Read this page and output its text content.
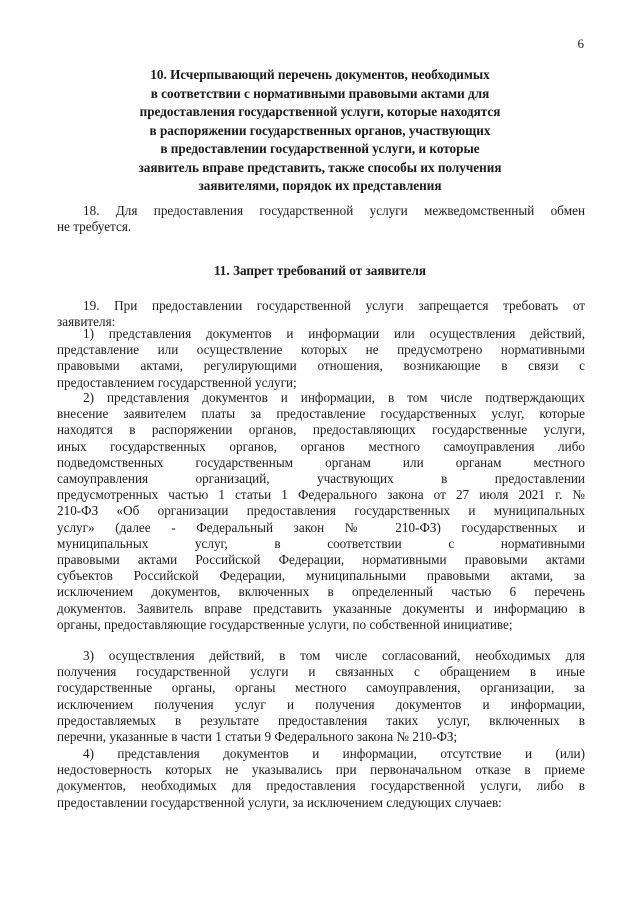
6
10. Исчерпывающий перечень документов, необходимых
в соответствии с нормативными правовыми актами для
предоставления государственной услуги, которые находятся
в распоряжении государственных органов, участвующих
в предоставлении государственной услуги, и которые
заявитель вправе представить, также способы их получения
заявителями, порядок их представления
18. Для предоставления государственной услуги межведомственный обмен
не требуется.
11. Запрет требований от заявителя
19. При предоставлении государственной услуги запрещается требовать от
заявителя:
1) представления документов и информации или осуществления действий,
представление или осуществление которых не предусмотрено нормативными
правовыми актами, регулирующими отношения, возникающие в связи с
предоставлением государственной услуги;
2) представления документов и информации, в том числе подтверждающих
внесение заявителем платы за предоставление государственных услуг, которые
находятся в распоряжении органов, предоставляющих государственные услуги,
иных государственных органов, органов местного самоуправления либо
подведомственных государственным органам или органам местного
самоуправления организаций, участвующих в предоставлении
предусмотренных частью 1 статьи 1 Федерального закона от 27 июля 2021 г. №
210-ФЗ «Об организации предоставления государственных и муниципальных
услуг» (далее - Федеральный закон № 210-ФЗ) государственных и
муниципальных услуг, в соответствии с нормативными
правовыми актами Российской Федерации, нормативными правовыми актами
субъектов Российской Федерации, муниципальными правовыми актами, за
исключением документов, включенных в определенный частью 6 перечень
документов. Заявитель вправе представить указанные документы и информацию в
органы, предоставляющие государственные услуги, по собственной инициативе;
3) осуществления действий, в том числе согласований, необходимых для
получения государственной услуги и связанных с обращением в иные
государственные органы, органы местного самоуправления, организации, за
исключением получения услуг и получения документов и информации,
предоставляемых в результате предоставления таких услуг, включенных в
перечни, указанные в части 1 статьи 9 Федерального закона № 210-ФЗ;
4) представления документов и информации, отсутствие и (или)
недостоверность которых не указывались при первоначальном отказе в приеме
документов, необходимых для предоставления государственной услуги, либо в
предоставлении государственной услуги, за исключением следующих случаев:
